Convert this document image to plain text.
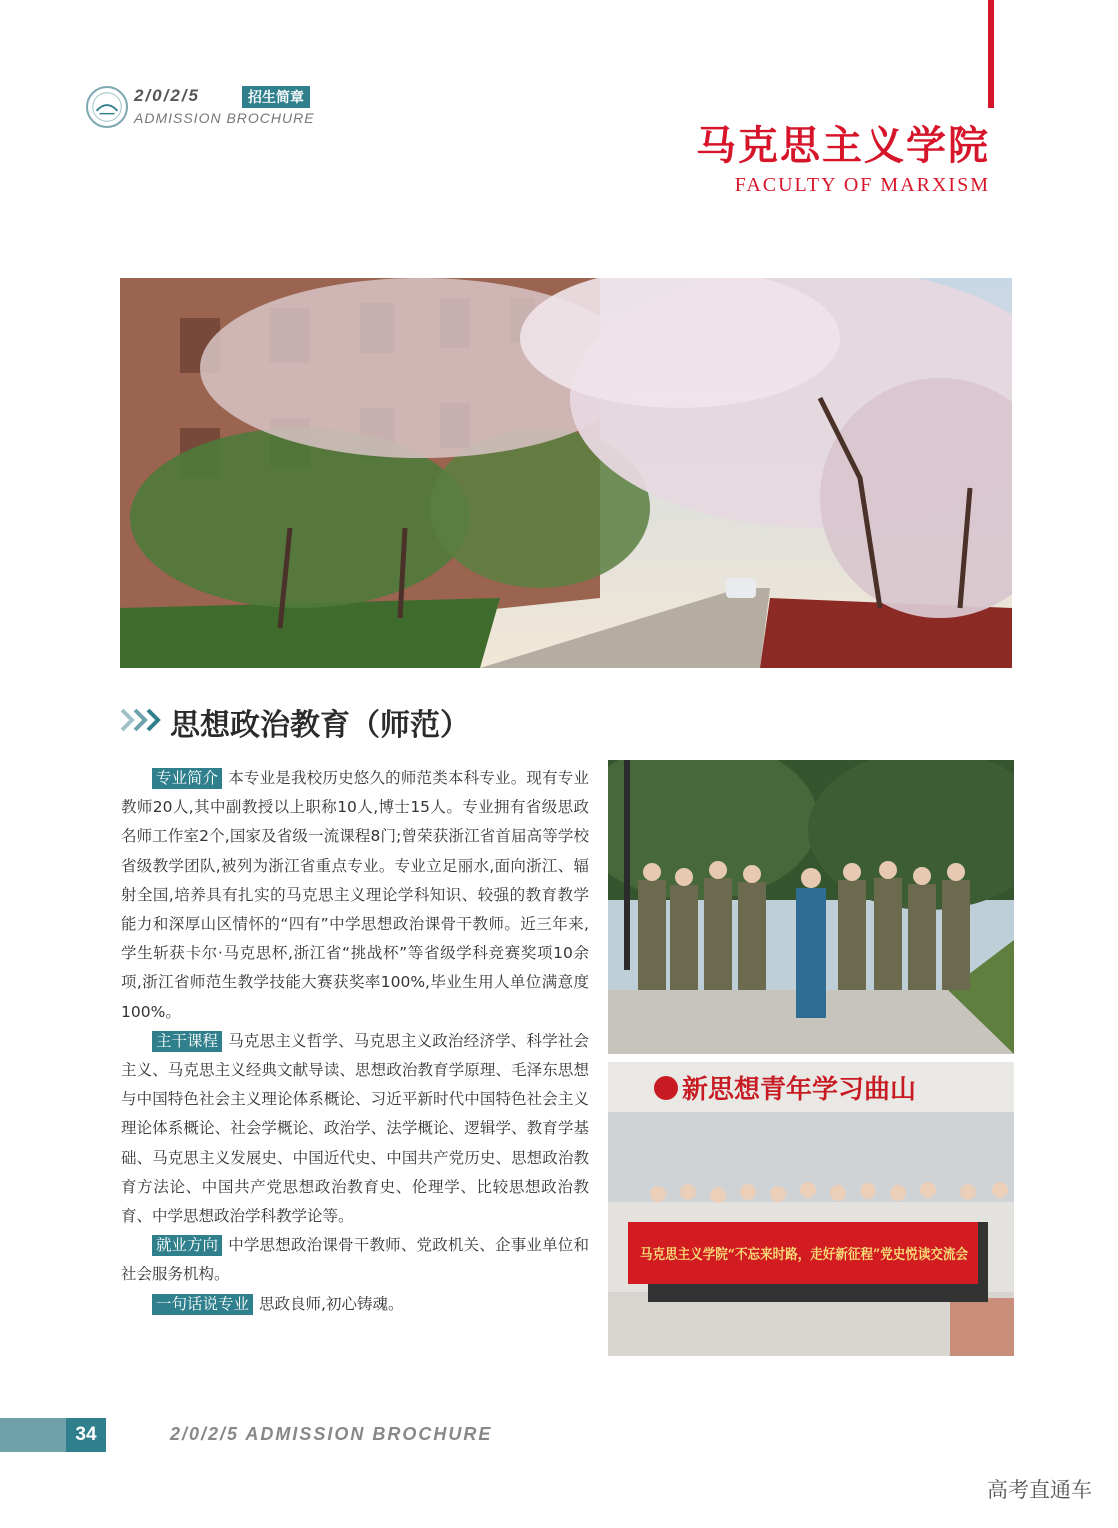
2/0/2/5	招生简章
ADMISSION BROCHURE
马克思主义学院
FACULTY OF MARXISM
思想政治教育（师范）

专业简介 本专业是我校历史悠久的师范类本科专业。现有专业教师20人,其中副教授以上职称10人,博士15人。专业拥有省级思政名师工作室2个,国家及省级一流课程8门;曾荣获浙江省首届高等学校省级教学团队,被列为浙江省重点专业。专业立足丽水,面向浙江、辐射全国,培养具有扎实的马克思主义理论学科知识、较强的教育教学能力和深厚山区情怀的“四有”中学思想政治课骨干教师。近三年来,学生斩获卡尔·马克思杯,浙江省“挑战杯”等省级学科竞赛奖项10余项,浙江省师范生教学技能大赛获奖率100%,毕业生用人单位满意度100%。

主干课程 马克思主义哲学、马克思主义政治经济学、科学社会主义、马克思主义经典文献导读、思想政治教育学原理、毛泽东思想与中国特色社会主义理论体系概论、习近平新时代中国特色社会主义理论体系概论、社会学概论、政治学、法学概论、逻辑学、教育学基础、马克思主义发展史、中国近代史、中国共产党历史、思想政治教育方法论、中国共产党思想政治教育史、伦理学、比较思想政治教育、中学思想政治学科教学论等。

就业方向 中学思想政治课骨干教师、党政机关、企事业单位和社会服务机构。

一句话说专业 思政良师,初心铸魂。

新思想青年学习曲山
马克思主义学院“不忘来时路，走好新征程”党史悦读交流会
34	2/0/2/5 ADMISSION BROCHURE
高考直通车
